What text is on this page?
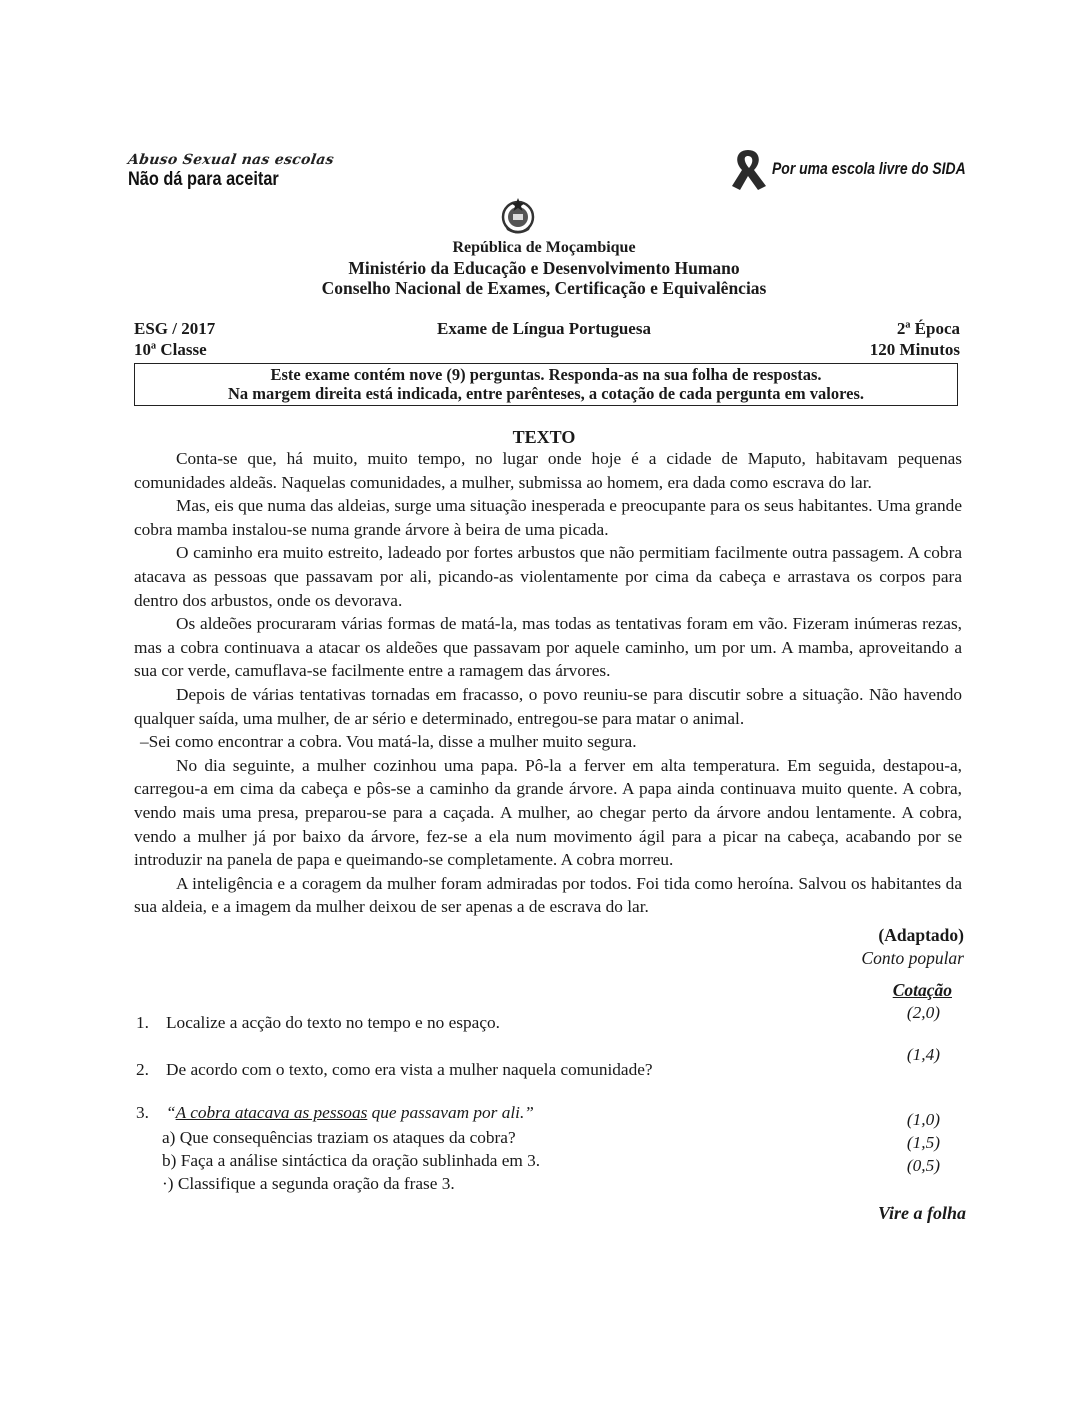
Abuso Sexual nas escolas
Não dá para aceitar
Por uma escola livre do SIDA
República de Moçambique
Ministério da Educação e Desenvolvimento Humano
Conselho Nacional de Exames, Certificação e Equivalências
ESG / 2017
10ª Classe
Exame de Língua Portuguesa	2ª Época
120 Minutos
Este exame contém nove (9) perguntas. Responda-as na sua folha de respostas.
Na margem direita está indicada, entre parênteses, a cotação de cada pergunta em valores.
TEXTO

Conta-se que, há muito, muito tempo, no lugar onde hoje é a cidade de Maputo, habitavam pequenas comunidades aldeãs. Naquelas comunidades, a mulher, submissa ao homem, era dada como escrava do lar.

Mas, eis que numa das aldeias, surge uma situação inesperada e preocupante para os seus habitantes. Uma grande cobra mamba instalou-se numa grande árvore à beira de uma picada.

O caminho era muito estreito, ladeado por fortes arbustos que não permitiam facilmente outra passagem. A cobra atacava as pessoas que passavam por ali, picando-as violentamente por cima da cabeça e arrastava os corpos para dentro dos arbustos, onde os devorava.

Os aldeões procuraram várias formas de matá-la, mas todas as tentativas foram em vão. Fizeram inúmeras rezas, mas a cobra continuava a atacar os aldeões que passavam por aquele caminho, um por um. A mamba, aproveitando a sua cor verde, camuflava-se facilmente entre a ramagem das árvores.

Depois de várias tentativas tornadas em fracasso, o povo reuniu-se para discutir sobre a situação. Não havendo qualquer saída, uma mulher, de ar sério e determinado, entregou-se para matar o animal.

–Sei como encontrar a cobra. Vou matá-la, disse a mulher muito segura.

No dia seguinte, a mulher cozinhou uma papa. Pô-la a ferver em alta temperatura. Em seguida, destapou-a, carregou-a em cima da cabeça e pôs-se a caminho da grande árvore. A papa ainda continuava muito quente. A cobra, vendo mais uma presa, preparou-se para a caçada. A mulher, ao chegar perto da árvore andou lentamente. A cobra, vendo a mulher já por baixo da árvore, fez-se a ela num movimento ágil para a picar na cabeça, acabando por se introduzir na panela de papa e queimando-se completamente. A cobra morreu.

A inteligência e a coragem da mulher foram admiradas por todos. Foi tida como heroína. Salvou os habitantes da sua aldeia, e a imagem da mulher deixou de ser apenas a de escrava do lar.

(Adaptado)
Conto popular
Cotação
1. Localize a acção do texto no tempo e no espaço.
(2,0)
2. De acordo com o texto, como era vista a mulher naquela comunidade?
(1,4)
3. “A cobra atacava as pessoas que passavam por ali.”
a) Que consequências traziam os ataques da cobra?
(1,0)
b) Faça a análise sintáctica da oração sublinhada em 3.
(1,5)
·) Classifique a segunda oração da frase 3.
(0,5)
Vire a folha
